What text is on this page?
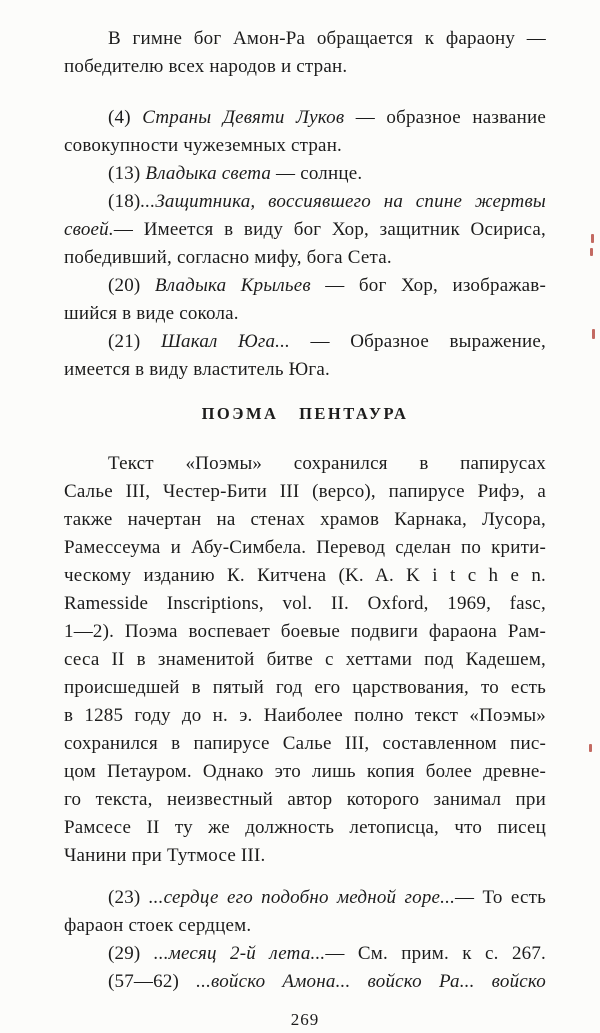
В гимне бог Амон-Ра обращается к фараону —
победителю всех народов и стран.
(4) Страны Девяти Луков — образное название
совокупности чужеземных стран.
(13) Владыка света — солнце.
(18)...Защитника, воссиявшего на спине жертвы
своей.— Имеется в виду бог Хор, защитник Осириса,
победивший, согласно мифу, бога Сета.
(20) Владыка Крыльев — бог Хор, изображав-
шийся в виде сокола.
(21) Шакал Юга... — Образное выражение,
имеется в виду властитель Юга.
ПОЭМА ПЕНТАУРА
Текст «Поэмы» сохранился в папирусах
Салье III, Честер-Бити III (версо), папирусе Рифэ, а
также начертан на стенах храмов Карнака, Лусора,
Рамессеума и Абу-Симбела. Перевод сделан по крити-
ческому изданию К. Китчена (K. A. K i t c h e n.
Ramesside Inscriptions, vol. II. Oxford, 1969, fasc,
1—2). Поэма воспевает боевые подвиги фараона Рам-
сеса II в знаменитой битве с хеттами под Кадешем,
происшедшей в пятый год его царствования, то есть
в 1285 году до н. э. Наиболее полно текст «Поэмы»
сохранился в папирусе Салье III, составленном пис-
цом Петауром. Однако это лишь копия более древне-
го текста, неизвестный автор которого занимал при
Рамсесе II ту же должность летописца, что писец
Чанини при Тутмосе III.
(23) ...сердце его подобно медной горе...— То есть
фараон стоек сердцем.
(29) ...месяц 2-й лета...— См. прим. к с. 267.
(57—62) ...войско Амона... войско Ра... войско
269
